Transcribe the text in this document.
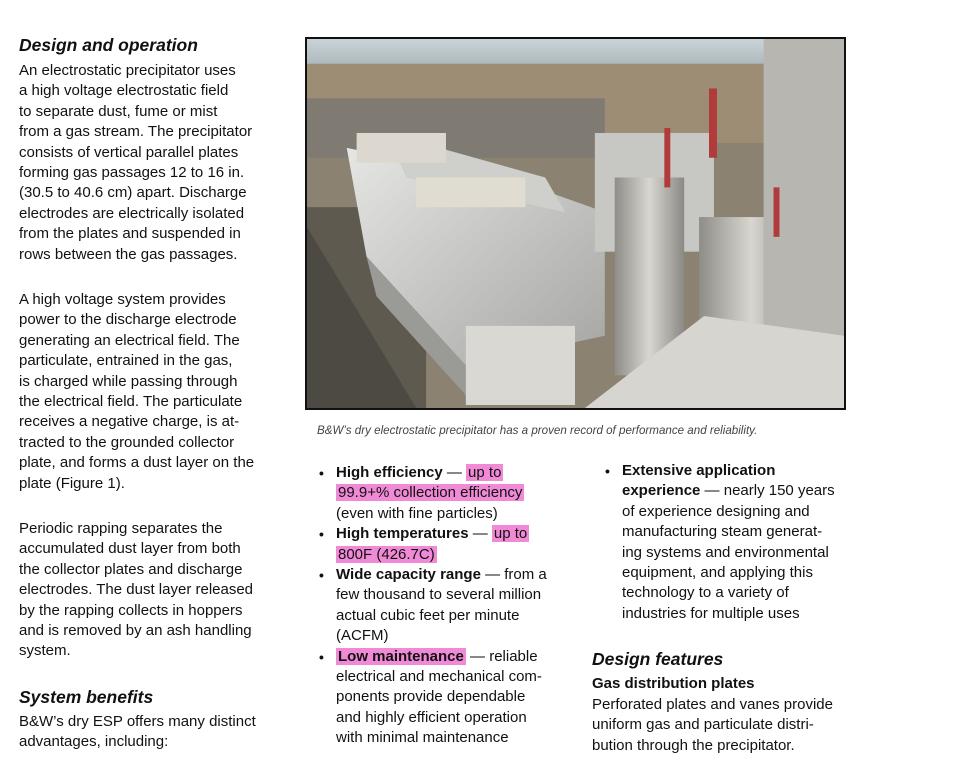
Design and operation

An electrostatic precipitator uses
a high voltage electrostatic field
to separate dust, fume or mist
from a gas stream. The precipitator
consists of vertical parallel plates
forming gas passages 12 to 16 in.
(30.5 to 40.6 cm) apart. Discharge
electrodes are electrically isolated
from the plates and suspended in
rows between the gas passages.

A high voltage system provides
power to the discharge electrode
generating an electrical field. The
particulate, entrained in the gas,
is charged while passing through
the electrical field. The particulate
receives a negative charge, is at-
tracted to the grounded collector
plate, and forms a dust layer on the
plate (Figure 1).

Periodic rapping separates the
accumulated dust layer from both
the collector plates and discharge
electrodes. The dust layer released
by the rapping collects in hoppers
and is removed by an ash handling
system.

System benefits

B&W’s dry ESP offers many distinct
advantages, including:

B&W’s dry electrostatic precipitator has a proven record of performance and reliability.

• High efficiency — up to
99.9+% collection efficiency
(even with fine particles)
• High temperatures — up to
800F (426.7C)
• Wide capacity range — from a
few thousand to several million
actual cubic feet per minute
(ACFM)
• Low maintenance — reliable
electrical and mechanical com-
ponents provide dependable
and highly efficient operation
with minimal maintenance
• Extensive application
experience — nearly 150 years
of experience designing and
manufacturing steam generat-
ing systems and environmental
equipment, and applying this
technology to a variety of
industries for multiple uses
Design features
Gas distribution plates

Perforated plates and vanes provide
uniform gas and particulate distri-
bution through the precipitator.
